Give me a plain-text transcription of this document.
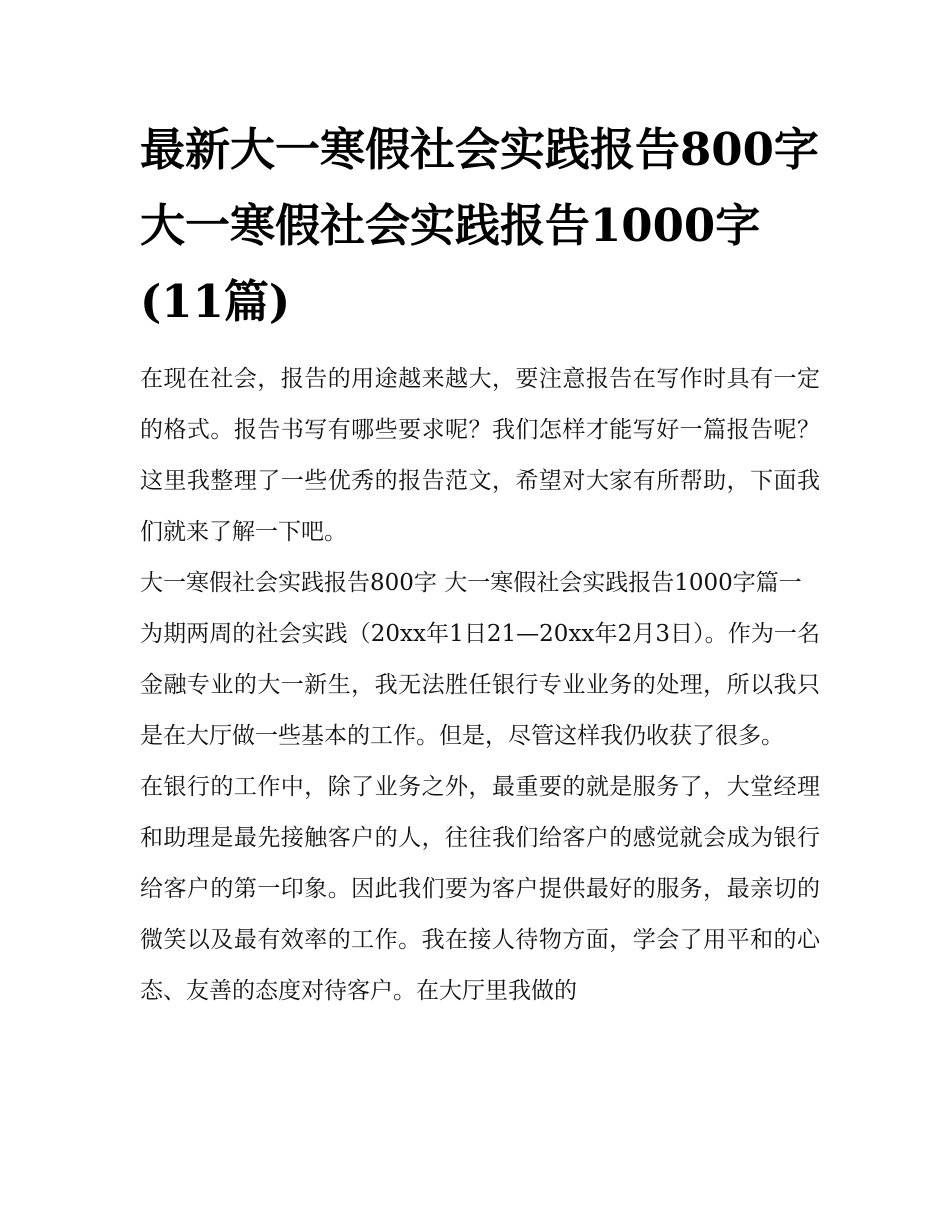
最新大一寒假社会实践报告800字 大一寒假社会实践报告1000字(11篇)

在现在社会，报告的用途越来越大，要注意报告在写作时具有一定的格式。报告书写有哪些要求呢？我们怎样才能写好一篇报告呢？这里我整理了一些优秀的报告范文，希望对大家有所帮助，下面我们就来了解一下吧。

大一寒假社会实践报告800字 大一寒假社会实践报告1000字篇一

为期两周的社会实践（20xx年1日21—20xx年2月3日）。作为一名金融专业的大一新生，我无法胜任银行专业业务的处理，所以我只是在大厅做一些基本的工作。但是，尽管这样我仍收获了很多。

在银行的工作中，除了业务之外，最重要的就是服务了，大堂经理和助理是最先接触客户的人，往往我们给客户的感觉就会成为银行给客户的第一印象。因此我们要为客户提供最好的服务，最亲切的微笑以及最有效率的工作。我在接人待物方面，学会了用平和的心态、友善的态度对待客户。在大厅里我做的
